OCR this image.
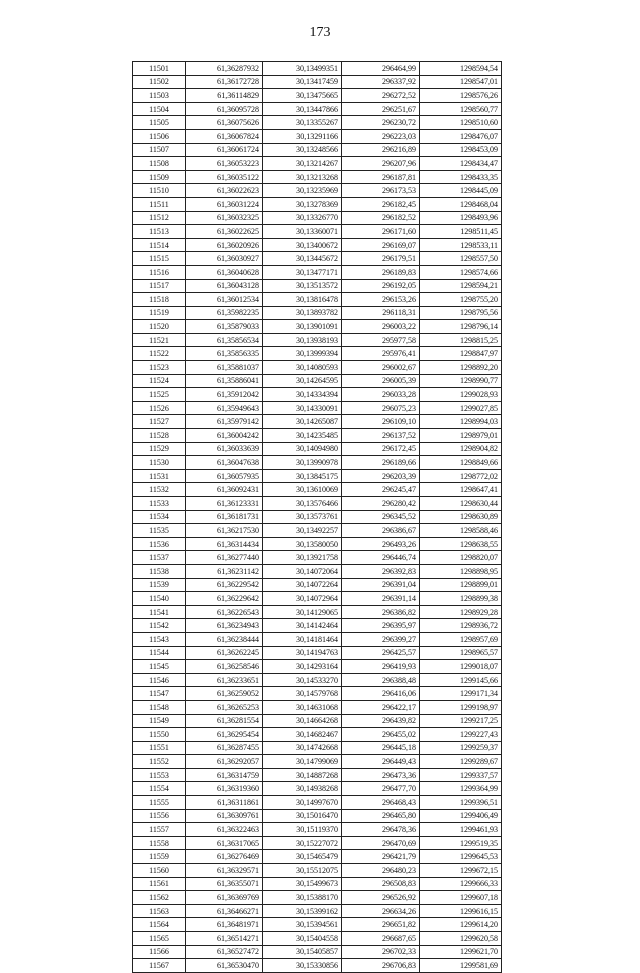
173
11501	61,36287932	30,13499351	296464,99	1298594,54
11502	61,36172728	30,13417459	296337,92	1298547,01
11503	61,36114829	30,13475665	296272,52	1298576,26
11504	61,36095728	30,13447866	296251,67	1298560,77
11505	61,36075626	30,13355267	296230,72	1298510,60
11506	61,36067824	30,13291166	296223,03	1298476,07
11507	61,36061724	30,13248566	296216,89	1298453,09
11508	61,36053223	30,13214267	296207,96	1298434,47
11509	61,36035122	30,13213268	296187,81	1298433,35
11510	61,36022623	30,13235969	296173,53	1298445,09
11511	61,36031224	30,13278369	296182,45	1298468,04
11512	61,36032325	30,13326770	296182,52	1298493,96
11513	61,36022625	30,13360071	296171,60	1298511,45
11514	61,36020926	30,13400672	296169,07	1298533,11
11515	61,36030927	30,13445672	296179,51	1298557,50
11516	61,36040628	30,13477171	296189,83	1298574,66
11517	61,36043128	30,13513572	296192,05	1298594,21
11518	61,36012534	30,13816478	296153,26	1298755,20
11519	61,35982235	30,13893782	296118,31	1298795,56
11520	61,35879033	30,13901091	296003,22	1298796,14
11521	61,35856534	30,13938193	295977,58	1298815,25
11522	61,35856335	30,13999394	295976,41	1298847,97
11523	61,35881037	30,14080593	296002,67	1298892,20
11524	61,35886041	30,14264595	296005,39	1298990,77
11525	61,35912042	30,14334394	296033,28	1299028,93
11526	61,35949643	30,14330091	296075,23	1299027,85
11527	61,35979142	30,14265087	296109,10	1298994,03
11528	61,36004242	30,14235485	296137,52	1298979,01
11529	61,36033639	30,14094980	296172,45	1298904,82
11530	61,36047638	30,13990978	296189,66	1298849,66
11531	61,36057935	30,13845175	296203,39	1298772,02
11532	61,36092431	30,13610069	296245,47	1298647,41
11533	61,36123331	30,13576466	296280,42	1298630,44
11534	61,36181731	30,13573761	296345,52	1298630,89
11535	61,36217530	30,13492257	296386,67	1298588,46
11536	61,36314434	30,13580050	296493,26	1298638,55
11537	61,36277440	30,13921758	296446,74	1298820,07
11538	61,36231142	30,14072064	296392,83	1298898,95
11539	61,36229542	30,14072264	296391,04	1298899,01
11540	61,36229642	30,14072964	296391,14	1298899,38
11541	61,36226543	30,14129065	296386,82	1298929,28
11542	61,36234943	30,14142464	296395,97	1298936,72
11543	61,36238444	30,14181464	296399,27	1298957,69
11544	61,36262245	30,14194763	296425,57	1298965,57
11545	61,36258546	30,14293164	296419,93	1299018,07
11546	61,36233651	30,14533270	296388,48	1299145,66
11547	61,36259052	30,14579768	296416,06	1299171,34
11548	61,36265253	30,14631068	296422,17	1299198,97
11549	61,36281554	30,14664268	296439,82	1299217,25
11550	61,36295454	30,14682467	296455,02	1299227,43
11551	61,36287455	30,14742668	296445,18	1299259,37
11552	61,36292057	30,14799069	296449,43	1299289,67
11553	61,36314759	30,14887268	296473,36	1299337,57
11554	61,36319360	30,14938268	296477,70	1299364,99
11555	61,36311861	30,14997670	296468,43	1299396,51
11556	61,36309761	30,15016470	296465,80	1299406,49
11557	61,36322463	30,15119370	296478,36	1299461,93
11558	61,36317065	30,15227072	296470,69	1299519,35
11559	61,36276469	30,15465479	296421,79	1299645,53
11560	61,36329571	30,15512075	296480,23	1299672,15
11561	61,36355071	30,15499673	296508,83	1299666,33
11562	61,36369769	30,15388170	296526,92	1299607,18
11563	61,36466271	30,15399162	296634,26	1299616,15
11564	61,36481971	30,15394561	296651,82	1299614,20
11565	61,36514271	30,15404558	296687,65	1299620,58
11566	61,36527472	30,15405857	296702,33	1299621,70
11567	61,36530470	30,15330856	296706,83	1299581,69
